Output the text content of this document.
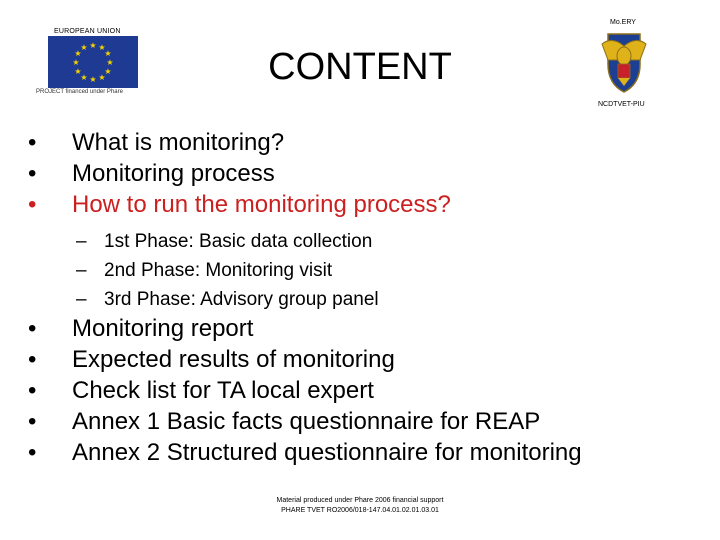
EUROPEAN UNION
★ ★
★
★
★
★
★
★
★
★
★
★
PROJECT financed under Phare
Mo.ERY
NCDTVET-PIU
CONTENT
• What is monitoring?
• Monitoring process
• How to run the monitoring process?
– 1st Phase: Basic data collection
– 2nd Phase: Monitoring visit
– 3rd Phase: Advisory group panel
• Monitoring report
• Expected results of monitoring
• Check list for TA local expert
• Annex 1 Basic facts questionnaire for REAP
• Annex 2 Structured questionnaire for monitoring
Material produced under Phare 2006 financial support
PHARE TVET RO2006/018-147.04.01.02.01.03.01
